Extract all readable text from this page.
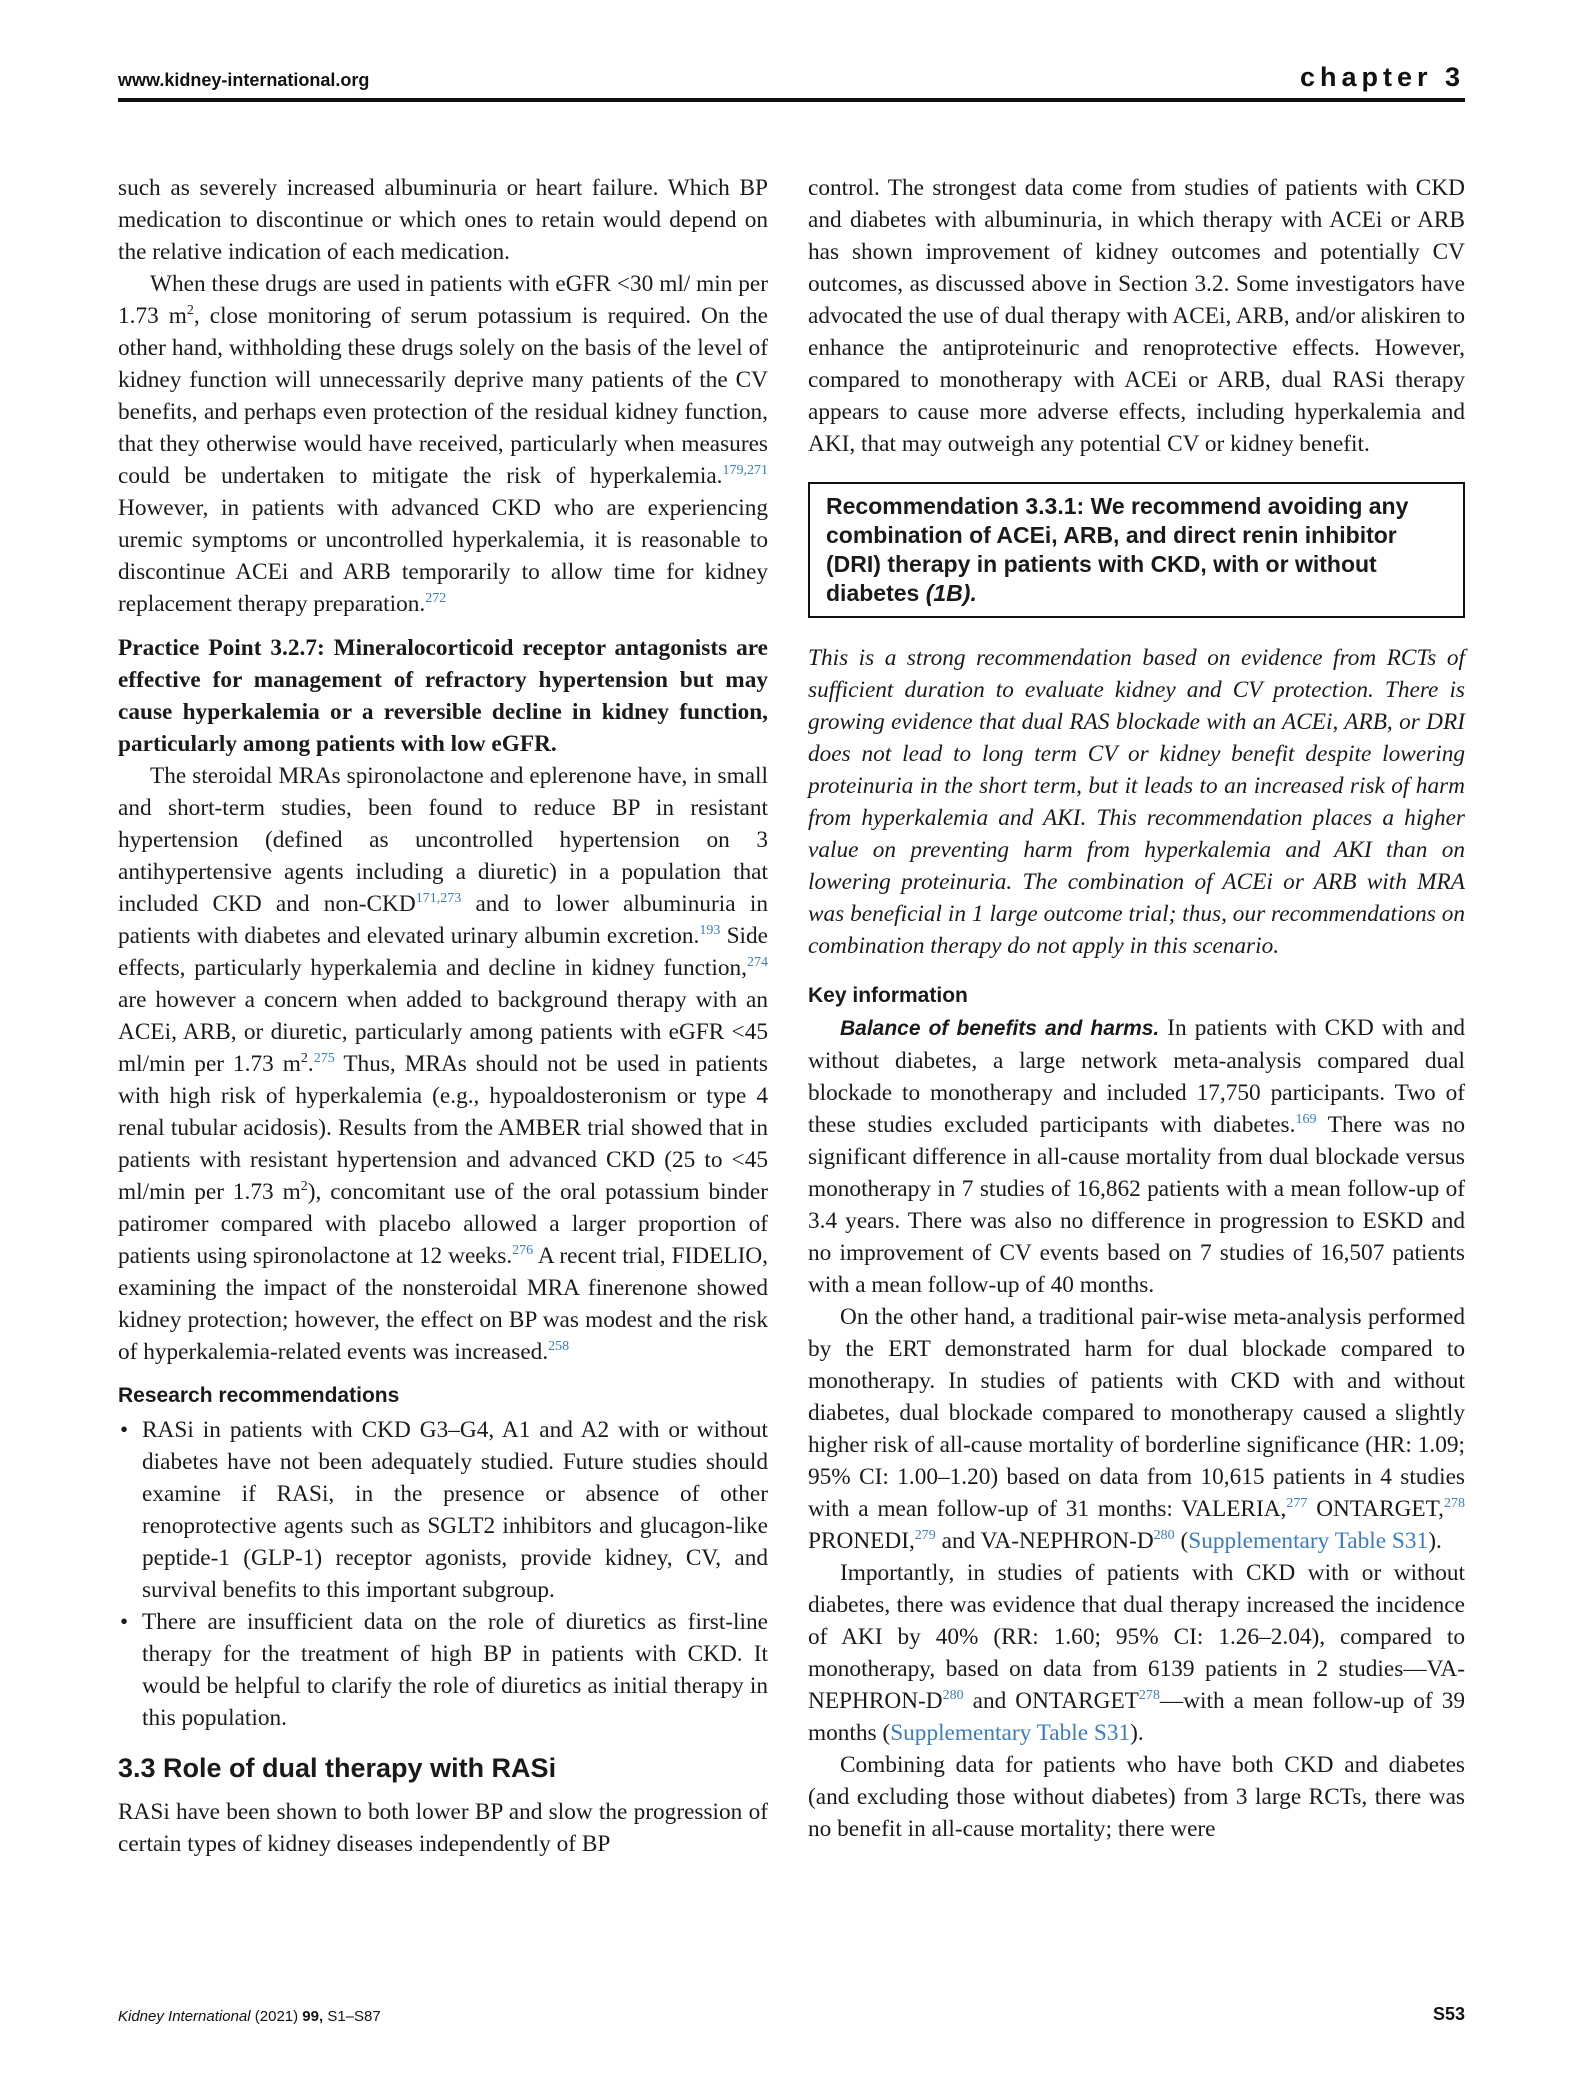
www.kidney-international.org	chapter 3

such as severely increased albuminuria or heart failure. Which BP medication to discontinue or which ones to retain would depend on the relative indication of each medication.

When these drugs are used in patients with eGFR <30 ml/ min per 1.73 $m^2$, close monitoring of serum potassium is required. On the other hand, withholding these drugs solely on the basis of the level of kidney function will unnecessarily deprive many patients of the CV benefits, and perhaps even protection of the residual kidney function, that they otherwise would have received, particularly when measures could be undertaken to mitigate the risk of hyperkalemia.$^{179,271}$ However, in patients with advanced CKD who are experiencing uremic symptoms or uncontrolled hyperkalemia, it is reasonable to discontinue ACEi and ARB temporarily to allow time for kidney replacement therapy preparation.$^{272}$

Practice Point 3.2.7: Mineralocorticoid receptor antagonists are effective for management of refractory hypertension but may cause hyperkalemia or a reversible decline in kidney function, particularly among patients with low eGFR.

The steroidal MRAs spironolactone and eplerenone have, in small and short-term studies, been found to reduce BP in resistant hypertension (defined as uncontrolled hypertension on 3 antihypertensive agents including a diuretic) in a population that included CKD and non-CKD$^{171,273}$ and to lower albuminuria in patients with diabetes and elevated urinary albumin excretion.$^{193}$ Side effects, particularly hyperkalemia and decline in kidney function,$^{274}$ are however a concern when added to background therapy with an ACEi, ARB, or diuretic, particularly among patients with eGFR <45 ml/min per 1.73 $m^2.^{275}$ Thus, MRAs should not be used in patients with high risk of hyperkalemia (e.g., hypoaldosteronism or type 4 renal tubular acidosis). Results from the AMBER trial showed that in patients with resistant hypertension and advanced CKD (25 to <45 ml/min per 1.73 $m^2$), concomitant use of the oral potassium binder patiromer compared with placebo allowed a larger proportion of patients using spironolactone at 12 weeks.$^{276}$ A recent trial, FIDELIO, examining the impact of the nonsteroidal MRA finerenone showed kidney protection; however, the effect on BP was modest and the risk of hyperkalemia-related events was increased.$^{258}$

Research recommendations

• RASi in patients with CKD G3–G4, A1 and A2 with or without diabetes have not been adequately studied. Future studies should examine if RASi, in the presence or absence of other renoprotective agents such as SGLT2 inhibitors and glucagon-like peptide-1 (GLP-1) receptor agonists, provide kidney, CV, and survival benefits to this important subgroup.
• There are insufficient data on the role of diuretics as first-line therapy for the treatment of high BP in patients with CKD. It would be helpful to clarify the role of diuretics as initial therapy in this population.

3.3 Role of dual therapy with RASi

RASi have been shown to both lower BP and slow the progression of certain types of kidney diseases independently of BP

control. The strongest data come from studies of patients with CKD and diabetes with albuminuria, in which therapy with ACEi or ARB has shown improvement of kidney outcomes and potentially CV outcomes, as discussed above in Section 3.2. Some investigators have advocated the use of dual therapy with ACEi, ARB, and/or aliskiren to enhance the antiproteinuric and renoprotective effects. However, compared to monotherapy with ACEi or ARB, dual RASi therapy appears to cause more adverse effects, including hyperkalemia and AKI, that may outweigh any potential CV or kidney benefit.

Recommendation 3.3.1: We recommend avoiding any combination of ACEi, ARB, and direct renin inhibitor (DRI) therapy in patients with CKD, with or without diabetes (1B).

This is a strong recommendation based on evidence from RCTs of sufficient duration to evaluate kidney and CV protection. There is growing evidence that dual RAS blockade with an ACEi, ARB, or DRI does not lead to long term CV or kidney benefit despite lowering proteinuria in the short term, but it leads to an increased risk of harm from hyperkalemia and AKI. This recommendation places a higher value on preventing harm from hyperkalemia and AKI than on lowering proteinuria. The combination of ACEi or ARB with MRA was beneficial in 1 large outcome trial; thus, our recommendations on combination therapy do not apply in this scenario.

Key information

Balance of benefits and harms. In patients with CKD with and without diabetes, a large network meta-analysis compared dual blockade to monotherapy and included 17,750 participants. Two of these studies excluded participants with diabetes.$^{169}$ There was no significant difference in all-cause mortality from dual blockade versus monotherapy in 7 studies of 16,862 patients with a mean follow-up of 3.4 years. There was also no difference in progression to ESKD and no improvement of CV events based on 7 studies of 16,507 patients with a mean follow-up of 40 months.

On the other hand, a traditional pair-wise meta-analysis performed by the ERT demonstrated harm for dual blockade compared to monotherapy. In studies of patients with CKD with and without diabetes, dual blockade compared to monotherapy caused a slightly higher risk of all-cause mortality of borderline significance (HR: 1.09; 95% CI: 1.00–1.20) based on data from 10,615 patients in 4 studies with a mean follow-up of 31 months: VALERIA,$^{277}$ ONTARGET,$^{278}$ PRONEDI,$^{279}$ and $VA-NEPHRON-D^{280}$ (Supplementary Table S31).

Importantly, in studies of patients with CKD with or without diabetes, there was evidence that dual therapy increased the incidence of AKI by 40% (RR: 1.60; 95% CI: 1.26–2.04), compared to monotherapy, based on data from 6139 patients in 2 $studies—VA-NEPHRON-D^{280}$ and ONTARGET$^{278}$—with a mean follow-up of 39 months (Supplementary Table S31).

Combining data for patients who have both CKD and diabetes (and excluding those without diabetes) from 3 large RCTs, there was no benefit in all-cause mortality; there were

Kidney International (2021) 99, S1–S87	S53
